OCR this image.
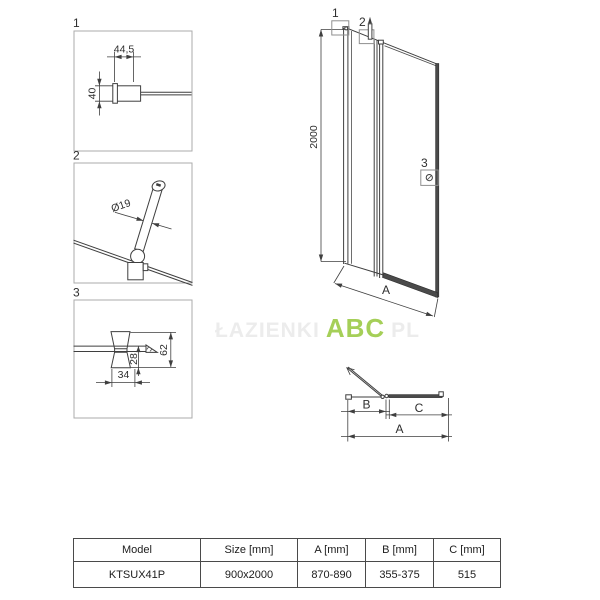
1
44,5
40
2
Ø19
3
62
28
34
2000
1
2
3
A
B	C
A
ŁAZIENKI ABC PL
Model	Size [mm]	A [mm]	B [mm]	C [mm]
KTSUX41P	900x2000	870-890	355-375	515
